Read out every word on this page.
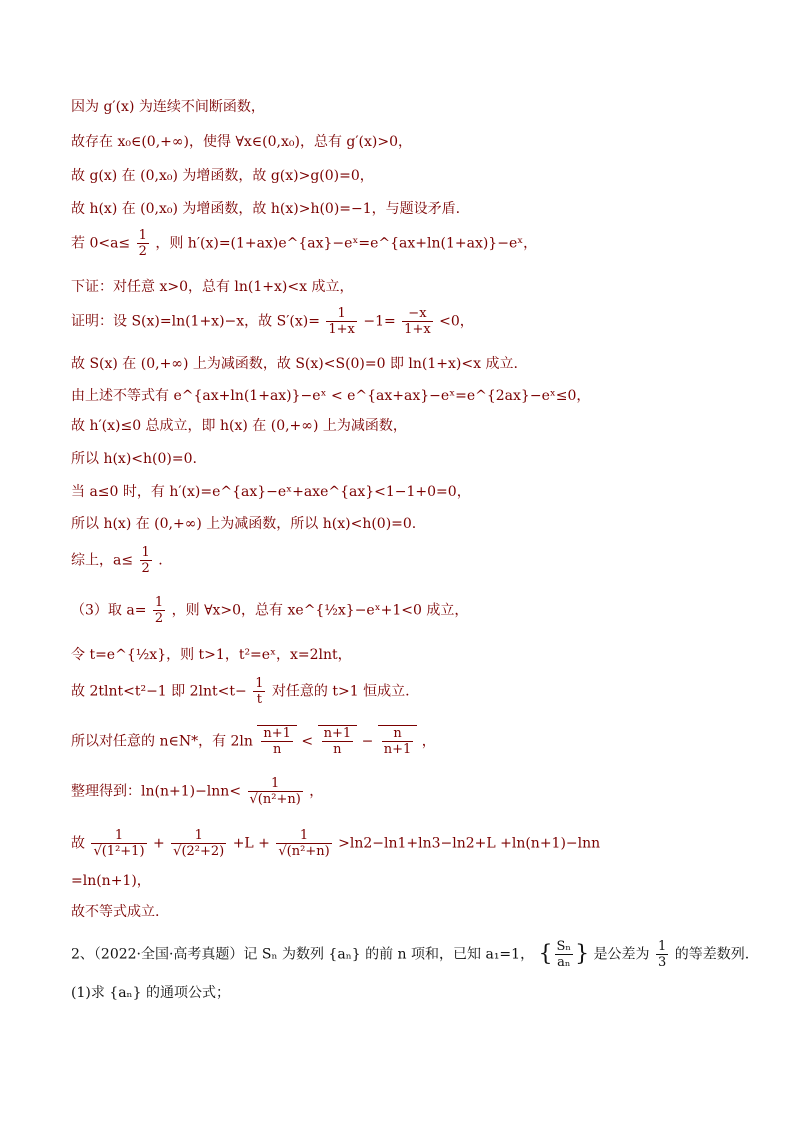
因为 g′(x) 为连续不间断函数，
故存在 x₀∈(0,+∞)，使得 ∀x∈(0,x₀)，总有 g′(x)>0，
故 g(x) 在 (0,x₀) 为增函数，故 g(x)>g(0)=0，
故 h(x) 在 (0,x₀) 为增函数，故 h(x)>h(0)=−1，与题设矛盾.
若 $0<a\le \frac{1}{2}$ ，则 h′(x)=(1+ax)e^{ax}−eˣ=e^{ax+ln(1+ax)}−eˣ，
下证：对任意 x>0，总有 ln(1+x)<x 成立，
证明：设 S(x)=ln(1+x)−x，故 $S'(x)= \frac{1}{1+x} -1= \frac{-x}{1+x} <0$，
故 S(x) 在 (0,+∞) 上为减函数，故 S(x)<S(0)=0 即 ln(1+x)<x 成立.
由上述不等式有 e^{ax+ln(1+ax)}−eˣ < e^{ax+ax}−eˣ=e^{2ax}−eˣ≤0，
故 h′(x)≤0 总成立，即 h(x) 在 (0,+∞) 上为减函数，
所以 h(x)<h(0)=0.
当 a≤0 时，有 h′(x)=e^{ax}−eˣ+axe^{ax}<1−1+0=0，
所以 h(x) 在 (0,+∞) 上为减函数，所以 h(x)<h(0)=0.
综上，$a\le \frac{1}{2}$ .
（3）取 $a= \frac{1}{2}$ ，则 ∀x>0，总有 xe^{½x}−eˣ+1<0 成立，
令 t=e^{½x}，则 t>1，t²=eˣ，x=2lnt，
故 2tlnt<t²−1 即 $2\ln t<t- \frac{1}{t}$ 对任意的 t>1 恒成立.
所以对任意的 n∈N*，有 $2\ln \frac{n+1}{n} < \frac{n+1}{n} - \frac{n}{n+1}$ ，
整理得到：$\ln(n+1)-\ln n< \frac{1}{\text{√(n²+n)}}$ ，
故 $\frac{1}{\text{√(1²+1)}} + \frac{1}{\text{√(2²+2)}} +L + \frac{1}{\text{√(n²+n)}} >\ln 2-\ln 1+\ln 3-\ln 2+L +\ln(n+1)-\ln n$
=ln(n+1)，
故不等式成立.
2、（2022·全国·高考真题）记 Sₙ 为数列 {aₙ} 的前 n 项和，已知 a₁=1， { $\frac{\text{Sₙ}}{\text{aₙ}}$ } 是公差为 $\frac{1}{3}$ 的等差数列.
(1)求 {aₙ} 的通项公式；
